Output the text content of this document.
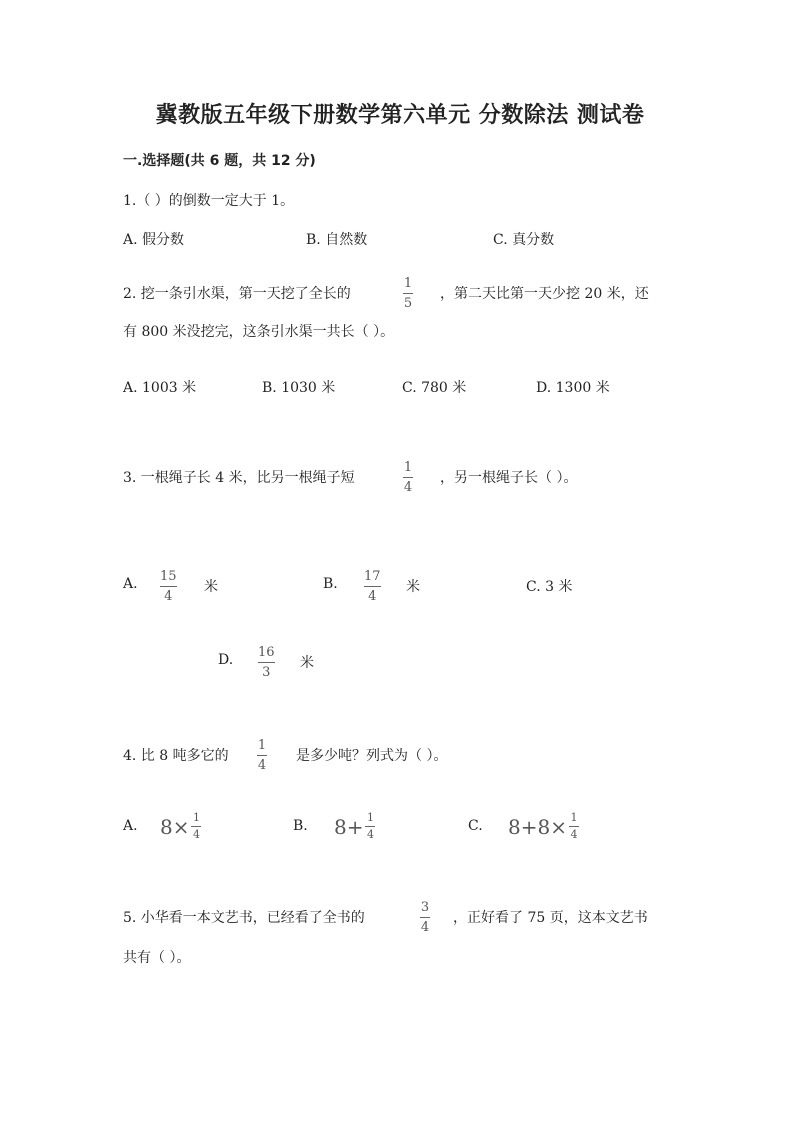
冀教版五年级下册数学第六单元 分数除法 测试卷
一.选择题(共 6 题，共 12 分)
1.（ ）的倒数一定大于 1。
A. 假分数	B. 自然数	C. 真分数
2. 挖一条引水渠，第一天挖了全长的
1
5
，第二天比第一天少挖 20 米，还
有 800 米没挖完，这条引水渠一共长（ ）。
A. 1003 米	B. 1030 米	C. 780 米	D. 1300 米
3. 一根绳子长 4 米，比另一根绳子短
1
4
，另一根绳子长（ ）。
A. 15
4
米	B. 17
4
米	C. 3 米
D. 16
3
米
4. 比 8 吨多它的
1
4
是多少吨？列式为（ ）。
A. $8\times \frac{1}{4}$	B. $8+ \frac{1}{4}$	C. $8+8\times \frac{1}{4}$
5. 小华看一本文艺书，已经看了全书的
3
4
，正好看了 75 页，这本文艺书
共有（ ）。
